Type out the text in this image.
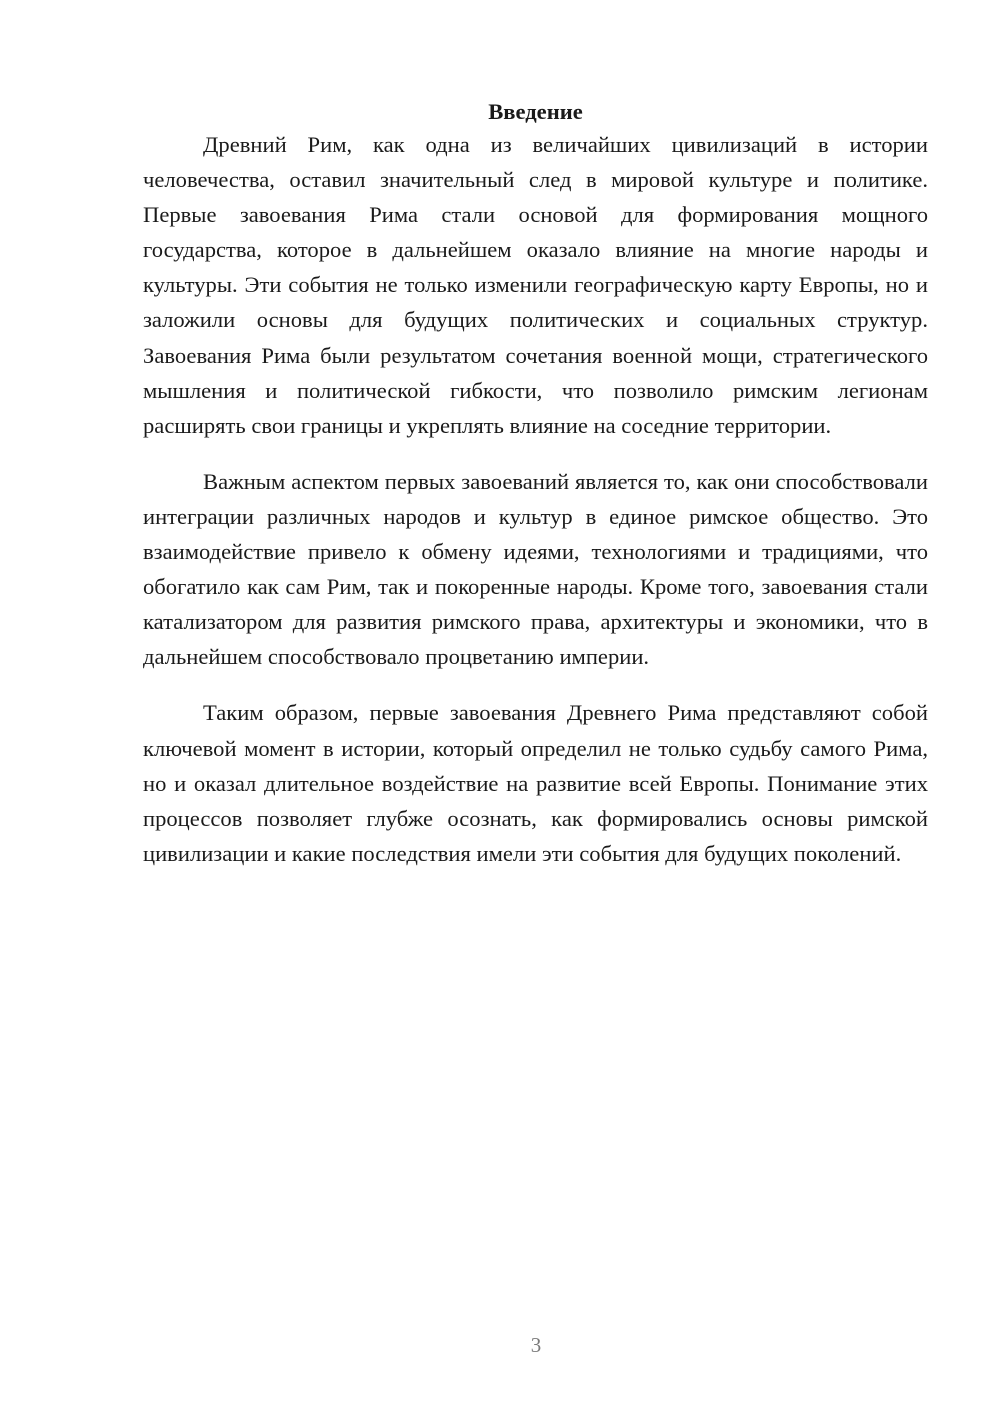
Введение

Древний Рим, как одна из величайших цивилизаций в истории человечества, оставил значительный след в мировой культуре и политике. Первые завоевания Рима стали основой для формирования мощного государства, которое в дальнейшем оказало влияние на многие народы и культуры. Эти события не только изменили географическую карту Европы, но и заложили основы для будущих политических и социальных структур. Завоевания Рима были результатом сочетания военной мощи, стратегического мышления и политической гибкости, что позволило римским легионам расширять свои границы и укреплять влияние на соседние территории.

Важным аспектом первых завоеваний является то, как они способствовали интеграции различных народов и культур в единое римское общество. Это взаимодействие привело к обмену идеями, технологиями и традициями, что обогатило как сам Рим, так и покоренные народы. Кроме того, завоевания стали катализатором для развития римского права, архитектуры и экономики, что в дальнейшем способствовало процветанию империи.

Таким образом, первые завоевания Древнего Рима представляют собой ключевой момент в истории, который определил не только судьбу самого Рима, но и оказал длительное воздействие на развитие всей Европы. Понимание этих процессов позволяет глубже осознать, как формировались основы римской цивилизации и какие последствия имели эти события для будущих поколений.

3
